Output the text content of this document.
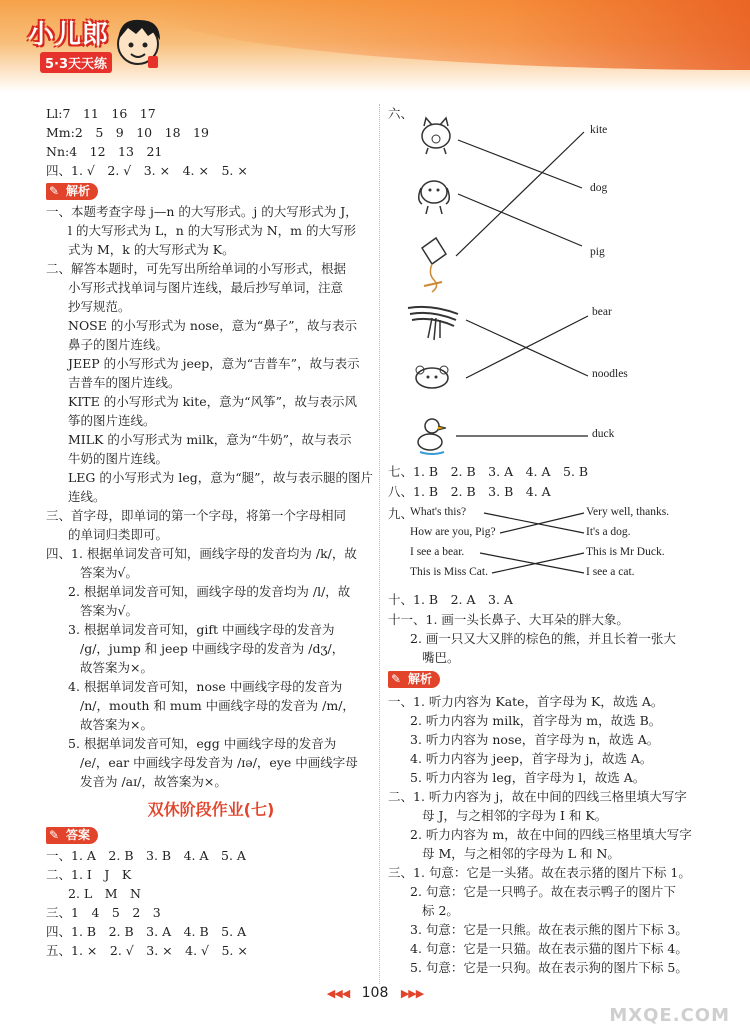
小儿郎
5·3天天练
Ll:7　11　16　17
Mm:2　5　9　10　18　19
Nn:4　12　13　21
四、1. √　2. √　3. ×　4. ×　5. ×
✎ 解析
一、本题考查字母 j—n 的大写形式。j 的大写形式为 J，
l 的大写形式为 L，n 的大写形式为 N，m 的大写形
式为 M，k 的大写形式为 K。
二、解答本题时，可先写出所给单词的小写形式，根据
小写形式找单词与图片连线，最后抄写单词，注意
抄写规范。
NOSE 的小写形式为 nose，意为“鼻子”，故与表示
鼻子的图片连线。
JEEP 的小写形式为 jeep，意为“吉普车”，故与表示
吉普车的图片连线。
KITE 的小写形式为 kite，意为“风筝”，故与表示风
筝的图片连线。
MILK 的小写形式为 milk，意为“牛奶”，故与表示
牛奶的图片连线。
LEG 的小写形式为 leg，意为“腿”，故与表示腿的图片
连线。
三、首字母，即单词的第一个字母，将第一个字母相同
的单词归类即可。
四、1. 根据单词发音可知，画线字母的发音均为 /k/，故
答案为√。
2. 根据单词发音可知，画线字母的发音均为 /l/，故
答案为√。
3. 根据单词发音可知，gift 中画线字母的发音为
/g/，jump 和 jeep 中画线字母的发音为 /dʒ/，
故答案为×。
4. 根据单词发音可知，nose 中画线字母的发音为
/n/，mouth 和 mum 中画线字母的发音为 /m/，
故答案为×。
5. 根据单词发音可知，egg 中画线字母的发音为
/e/，ear 中画线字母发音为 /ɪə/，eye 中画线字母
发音为 /aɪ/，故答案为×。
双休阶段作业(七)
✎ 答案
一、1. A　2. B　3. B　4. A　5. A
二、1. I　J　K
2. L　M　N
三、1　4　5　2　3
四、1. B　2. B　3. A　4. B　5. A
五、1. ×　2. √　3. ×　4. √　5. ×
六、
kite
dog
pig
bear
noodles
duck
七、1. B　2. B　3. A　4. A　5. B
八、1. B　2. B　3. B　4. A
九、
What's this?
How are you, Pig?
I see a bear.
This is Miss Cat.
Very well, thanks.
It's a dog.
This is Mr Duck.
I see a cat.
十、1. B　2. A　3. A
十一、1. 画一头长鼻子、大耳朵的胖大象。
2. 画一只又大又胖的棕色的熊，并且长着一张大
嘴巴。
✎ 解析
一、1. 听力内容为 Kate，首字母为 K，故选 A。
2. 听力内容为 milk，首字母为 m，故选 B。
3. 听力内容为 nose，首字母为 n，故选 A。
4. 听力内容为 jeep，首字母为 j，故选 A。
5. 听力内容为 leg，首字母为 l，故选 A。
二、1. 听力内容为 j，故在中间的四线三格里填大写字
母 J，与之相邻的字母为 I 和 K。
2. 听力内容为 m，故在中间的四线三格里填大写字
母 M，与之相邻的字母为 L 和 N。
三、1. 句意：它是一头猪。故在表示猪的图片下标 1。
2. 句意：它是一只鸭子。故在表示鸭子的图片下
标 2。
3. 句意：它是一只熊。故在表示熊的图片下标 3。
4. 句意：它是一只猫。故在表示猫的图片下标 4。
5. 句意：它是一只狗。故在表示狗的图片下标 5。
◀◀◀ 108 ▶▶▶
MXQE.COM
